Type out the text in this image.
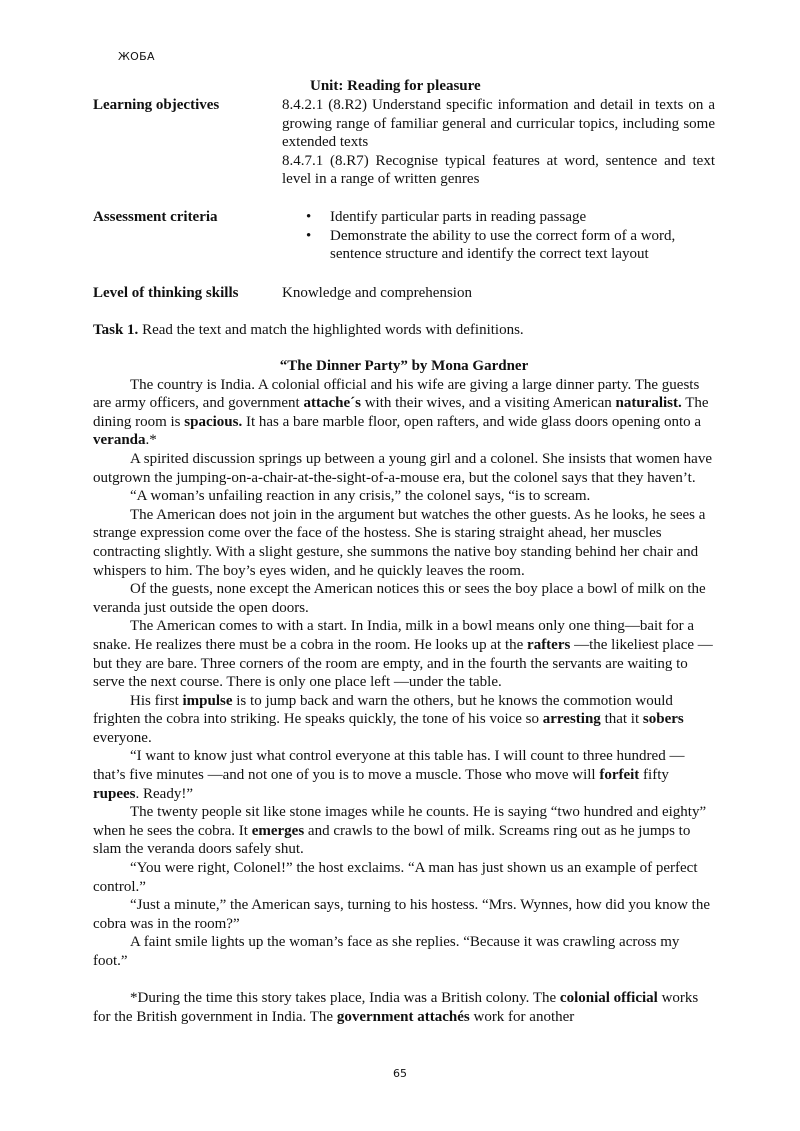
ЖОБА
Unit: Reading for pleasure
Learning objectives	8.4.2.1 (8.R2) Understand specific information and detail in texts on a growing range of familiar general and curricular topics, including some extended texts

8.4.7.1 (8.R7) Recognise typical features at word, sentence and text level in a range of written genres

Assessment criteria	• Identify particular parts in reading passage
• Demonstrate the ability to use the correct form of a word, sentence structure and identify the correct text layout
Level of thinking skills	Knowledge and comprehension
Task 1. Read the text and match the highlighted words with definitions.

“The Dinner Party” by Mona Gardner

The country is India. A colonial official and his wife are giving a large dinner party. The guests are army officers, and government attache´s with their wives, and a visiting American naturalist. The dining room is spacious. It has a bare marble floor, open rafters, and wide glass doors opening onto a veranda.*

A spirited discussion springs up between a young girl and a colonel. She insists that women have outgrown the jumping-on-a-chair-at-the-sight-of-a-mouse era, but the colonel says that they haven’t.

“A woman’s unfailing reaction in any crisis,” the colonel says, “is to scream.

The American does not join in the argument but watches the other guests. As he looks, he sees a strange expression come over the face of the hostess. She is staring straight ahead, her muscles contracting slightly. With a slight gesture, she summons the native boy standing behind her chair and whispers to him. The boy’s eyes widen, and he quickly leaves the room.

Of the guests, none except the American notices this or sees the boy place a bowl of milk on the veranda just outside the open doors.

The American comes to with a start. In India, milk in a bowl means only one thing—bait for a snake. He realizes there must be a cobra in the room. He looks up at the rafters —the likeliest place —but they are bare. Three corners of the room are empty, and in the fourth the servants are waiting to serve the next course. There is only one place left —under the table.

His first impulse is to jump back and warn the others, but he knows the commotion would frighten the cobra into striking. He speaks quickly, the tone of his voice so arresting that it sobers everyone.

“I want to know just what control everyone at this table has. I will count to three hundred — that’s five minutes —and not one of you is to move a muscle. Those who move will forfeit fifty rupees. Ready!”

The twenty people sit like stone images while he counts. He is saying “two hundred and eighty” when he sees the cobra. It emerges and crawls to the bowl of milk. Screams ring out as he jumps to slam the veranda doors safely shut.

“You were right, Colonel!” the host exclaims. “A man has just shown us an example of perfect control.”

“Just a minute,” the American says, turning to his hostess. “Mrs. Wynnes, how did you know the cobra was in the room?”

A faint smile lights up the woman’s face as she replies. “Because it was crawling across my foot.”

*During the time this story takes place, India was a British colony. The colonial official works for the British government in India. The government attachés work for another

65
